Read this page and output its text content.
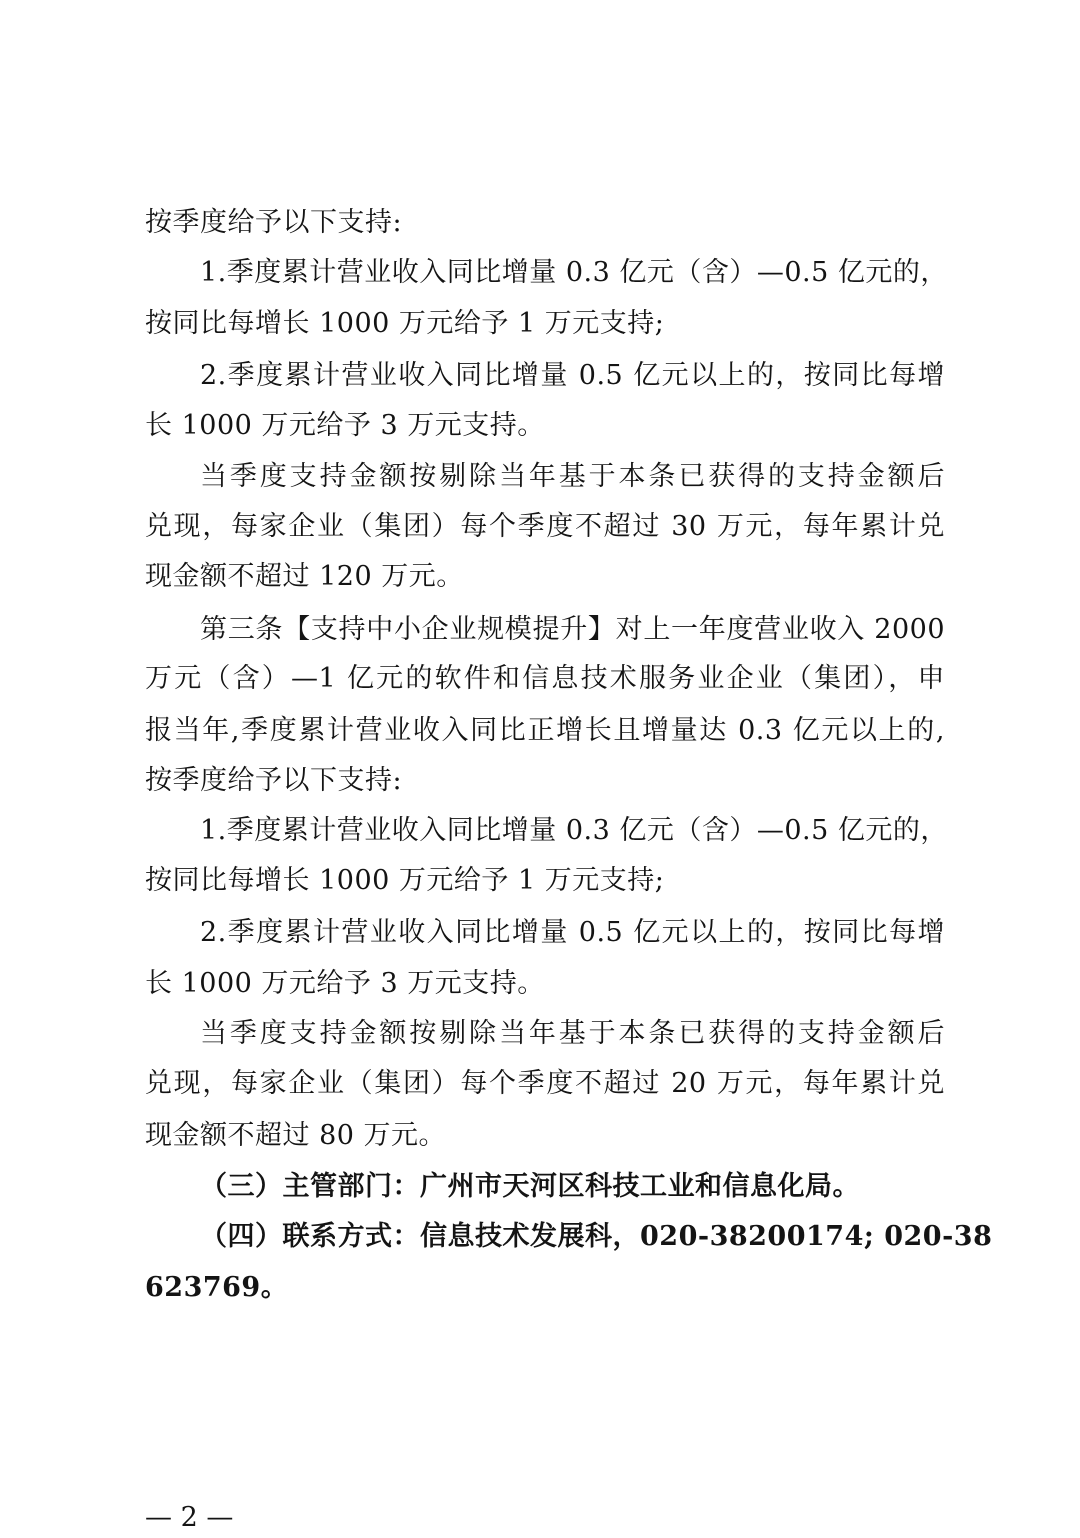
按季度给予以下支持:
1.季度累计营业收入同比增量 0.3 亿元（含）—0.5 亿元的，
按同比每增长 1000 万元给予 1 万元支持;
2.季度累计营业收入同比增量 0.5 亿元以上的，按同比每增
长 1000 万元给予 3 万元支持。
当季度支持金额按剔除当年基于本条已获得的支持金额后
兑现，每家企业（集团）每个季度不超过 30 万元，每年累计兑
现金额不超过 120 万元。
第三条【支持中小企业规模提升】对上一年度营业收入 2000
万元（含）—1 亿元的软件和信息技术服务业企业（集团），申
报当年,季度累计营业收入同比正增长且增量达 0.3 亿元以上的,
按季度给予以下支持:
1.季度累计营业收入同比增量 0.3 亿元（含）—0.5 亿元的，
按同比每增长 1000 万元给予 1 万元支持;
2.季度累计营业收入同比增量 0.5 亿元以上的，按同比每增
长 1000 万元给予 3 万元支持。
当季度支持金额按剔除当年基于本条已获得的支持金额后
兑现，每家企业（集团）每个季度不超过 20 万元，每年累计兑
现金额不超过 80 万元。
（三）主管部门：广州市天河区科技工业和信息化局。
（四）联系方式：信息技术发展科，020-38200174; 020-38
623769。
— 2 —
